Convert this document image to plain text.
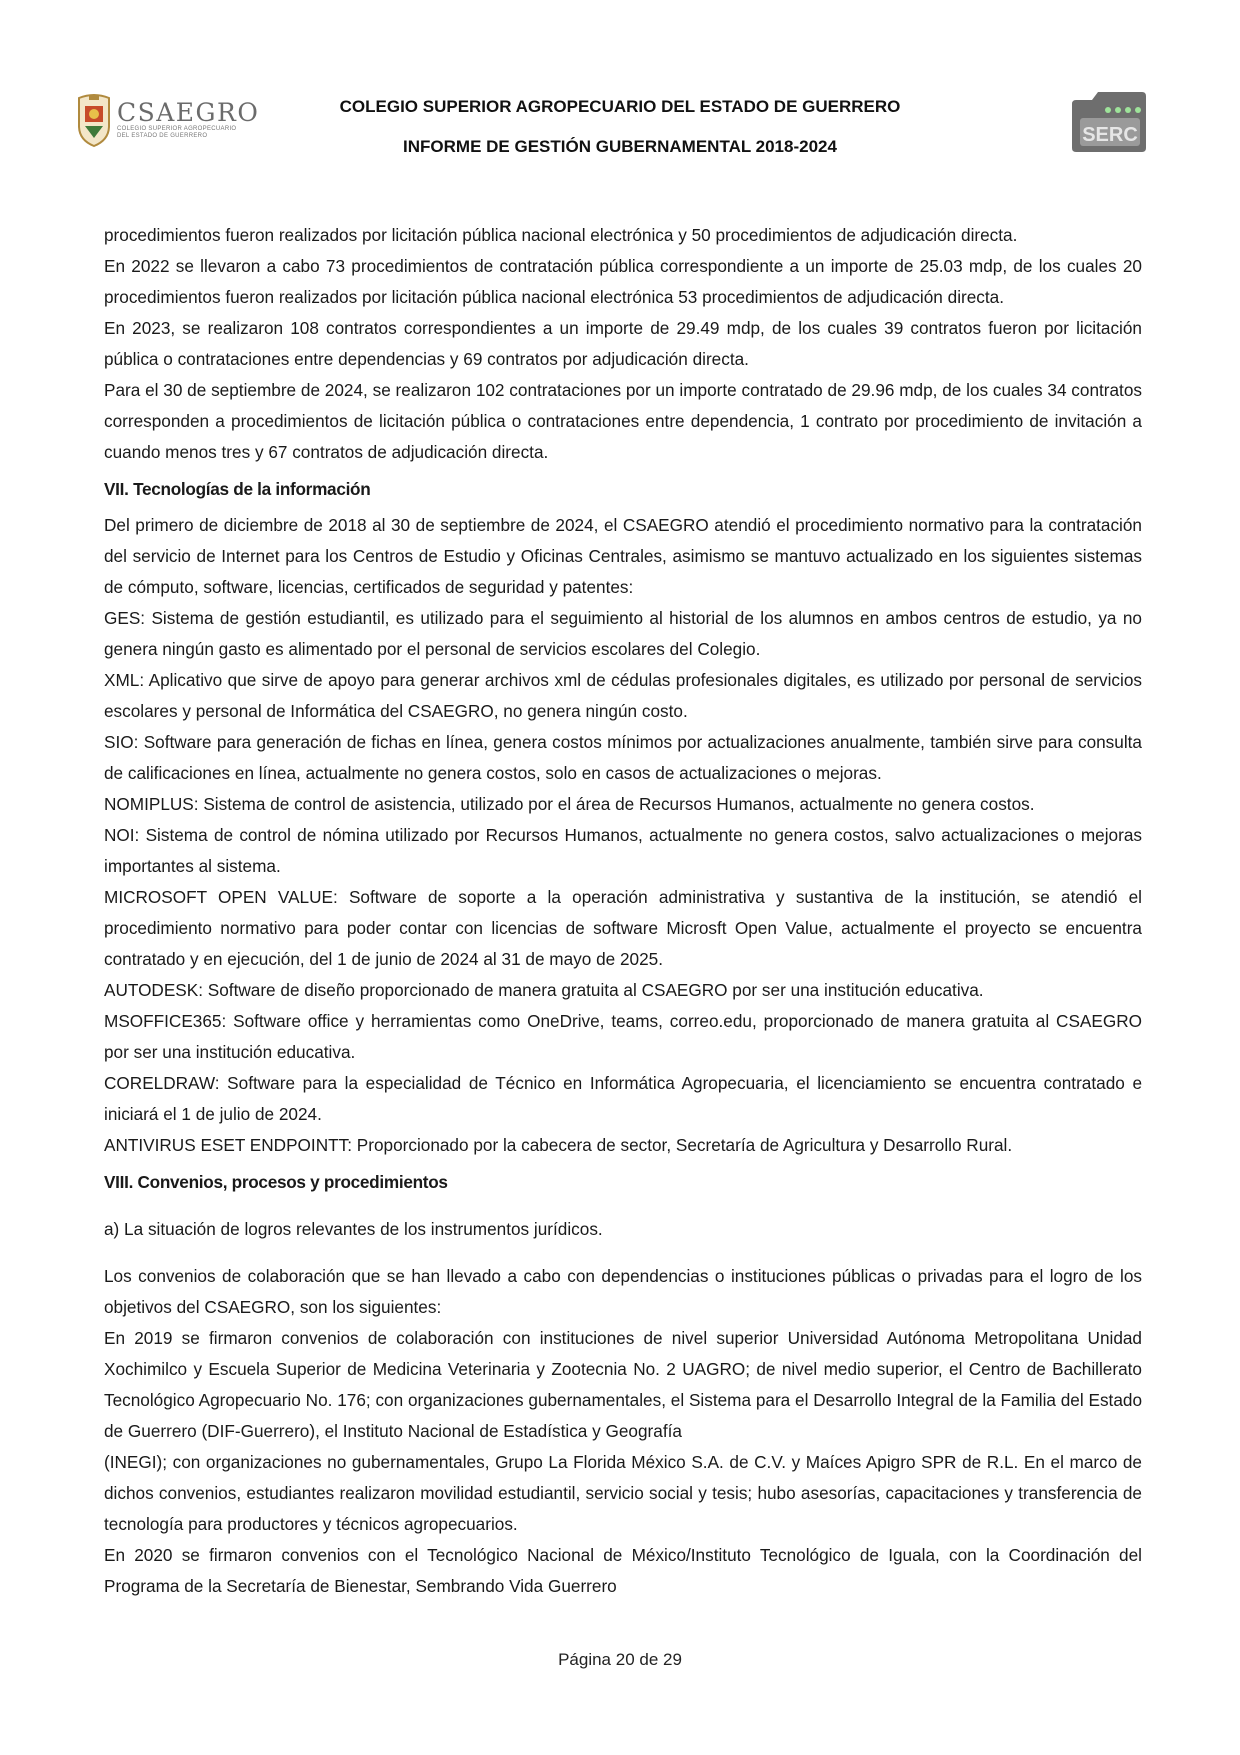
CSAEGRO
COLEGIO SUPERIOR AGROPECUARIO
DEL ESTADO DE GUERRERO
COLEGIO SUPERIOR AGROPECUARIO DEL ESTADO DE GUERRERO
INFORME DE GESTIÓN GUBERNAMENTAL 2018-2024
SERC

procedimientos fueron realizados por licitación pública nacional electrónica y 50 procedimientos de adjudicación directa.

En 2022 se llevaron a cabo 73 procedimientos de contratación pública correspondiente a un importe de 25.03 mdp, de los cuales 20 procedimientos fueron realizados por licitación pública nacional electrónica 53 procedimientos de adjudicación directa.

En 2023, se realizaron 108 contratos correspondientes a un importe de 29.49 mdp, de los cuales 39 contratos fueron por licitación pública o contrataciones entre dependencias y 69 contratos por adjudicación directa.

Para el 30 de septiembre de 2024, se realizaron 102 contrataciones por un importe contratado de 29.96 mdp, de los cuales 34 contratos corresponden a procedimientos de licitación pública o contrataciones entre dependencia, 1 contrato por procedimiento de invitación a cuando menos tres y 67 contratos de adjudicación directa.

VII. Tecnologías de la información

Del primero de diciembre de 2018 al 30 de septiembre de 2024, el CSAEGRO atendió el procedimiento normativo para la contratación del servicio de Internet para los Centros de Estudio y Oficinas Centrales, asimismo se mantuvo actualizado en los siguientes sistemas de cómputo, software, licencias, certificados de seguridad y patentes:

GES: Sistema de gestión estudiantil, es utilizado para el seguimiento al historial de los alumnos en ambos centros de estudio, ya no genera ningún gasto es alimentado por el personal de servicios escolares del Colegio.

XML: Aplicativo que sirve de apoyo para generar archivos xml de cédulas profesionales digitales, es utilizado por personal de servicios escolares y personal de Informática del CSAEGRO, no genera ningún costo.

SIO: Software para generación de fichas en línea, genera costos mínimos por actualizaciones anualmente, también sirve para consulta de calificaciones en línea, actualmente no genera costos, solo en casos de actualizaciones o mejoras.

NOMIPLUS: Sistema de control de asistencia, utilizado por el área de Recursos Humanos, actualmente no genera costos.

NOI: Sistema de control de nómina utilizado por Recursos Humanos, actualmente no genera costos, salvo actualizaciones o mejoras importantes al sistema.

MICROSOFT OPEN VALUE: Software de soporte a la operación administrativa y sustantiva de la institución, se atendió el procedimiento normativo para poder contar con licencias de software Microsft Open Value, actualmente el proyecto se encuentra contratado y en ejecución, del 1 de junio de 2024 al 31 de mayo de 2025.

AUTODESK: Software de diseño proporcionado de manera gratuita al CSAEGRO por ser una institución educativa.

MSOFFICE365: Software office y herramientas como OneDrive, teams, correo.edu, proporcionado de manera gratuita al CSAEGRO por ser una institución educativa.

CORELDRAW: Software para la especialidad de Técnico en Informática Agropecuaria, el licenciamiento se encuentra contratado e iniciará el 1 de julio de 2024.

ANTIVIRUS ESET ENDPOINTT: Proporcionado por la cabecera de sector, Secretaría de Agricultura y Desarrollo Rural.

VIII. Convenios, procesos y procedimientos

a) La situación de logros relevantes de los instrumentos jurídicos.

Los convenios de colaboración que se han llevado a cabo con dependencias o instituciones públicas o privadas para el logro de los objetivos del CSAEGRO, son los siguientes:

En 2019 se firmaron convenios de colaboración con instituciones de nivel superior Universidad Autónoma Metropolitana Unidad Xochimilco y Escuela Superior de Medicina Veterinaria y Zootecnia No. 2 UAGRO; de nivel medio superior, el Centro de Bachillerato Tecnológico Agropecuario No. 176; con organizaciones gubernamentales, el Sistema para el Desarrollo Integral de la Familia del Estado de Guerrero (DIF-Guerrero), el Instituto Nacional de Estadística y Geografía

(INEGI); con organizaciones no gubernamentales, Grupo La Florida México S.A. de C.V. y Maíces Apigro SPR de R.L. En el marco de dichos convenios, estudiantes realizaron movilidad estudiantil, servicio social y tesis; hubo asesorías, capacitaciones y transferencia de tecnología para productores y técnicos agropecuarios.

En 2020 se firmaron convenios con el Tecnológico Nacional de México/Instituto Tecnológico de Iguala, con la Coordinación del Programa de la Secretaría de Bienestar, Sembrando Vida Guerrero

Página 20 de 29
